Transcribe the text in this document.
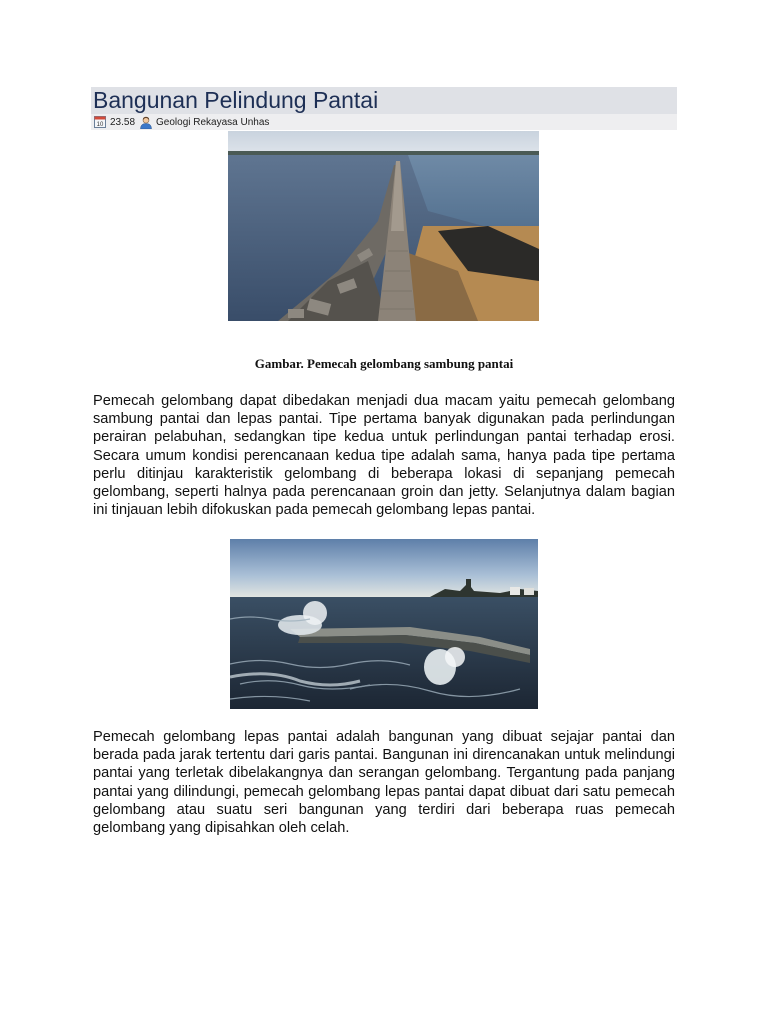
Bangunan Pelindung Pantai
10 23.58 Geologi Rekayasa Unhas
Gambar. Pemecah gelombang sambung pantai

Pemecah gelombang dapat dibedakan menjadi dua macam yaitu pemecah gelombang sambung pantai dan lepas pantai. Tipe pertama banyak digunakan pada perlindungan perairan pelabuhan, sedangkan tipe kedua untuk perlindungan pantai terhadap erosi. Secara umum kondisi perencanaan kedua tipe adalah sama, hanya pada tipe pertama perlu ditinjau karakteristik gelombang di beberapa lokasi di sepanjang pemecah gelombang, seperti halnya pada perencanaan groin dan jetty. Selanjutnya dalam bagian ini tinjauan lebih difokuskan pada pemecah gelombang lepas pantai.

Pemecah gelombang lepas pantai adalah bangunan yang dibuat sejajar pantai dan berada pada jarak tertentu dari garis pantai. Bangunan ini direncanakan untuk melindungi pantai yang terletak dibelakangnya dan serangan gelombang. Tergantung pada panjang pantai yang dilindungi, pemecah gelombang lepas pantai dapat dibuat dari satu pemecah gelombang atau suatu seri bangunan yang terdiri dari beberapa ruas pemecah gelombang yang dipisahkan oleh celah.
